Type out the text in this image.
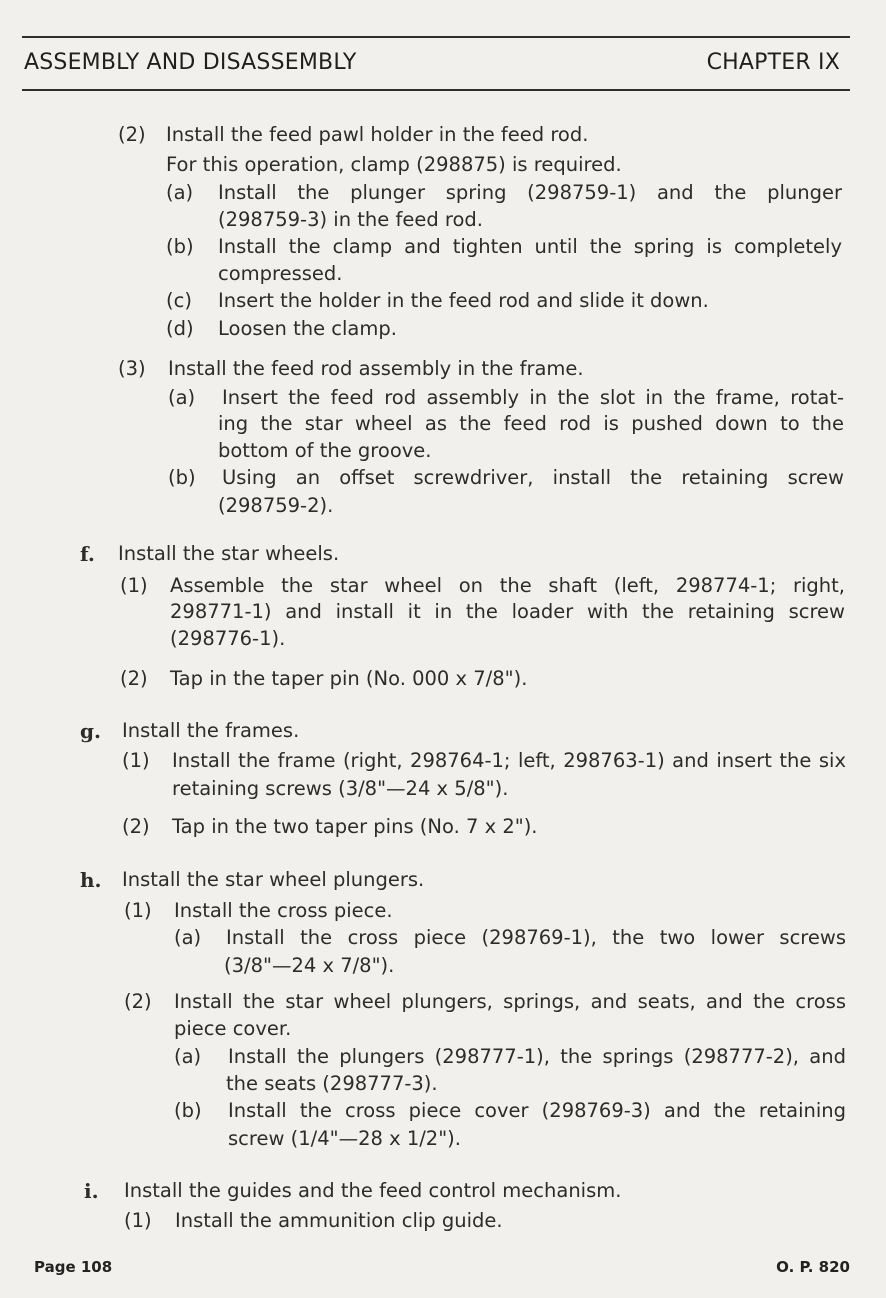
ASSEMBLY AND DISASSEMBLY	CHAPTER IX
(2) Install the feed pawl holder in the feed rod.
For this operation, clamp (298875) is required.
(a) Install the plunger spring (298759-1) and the plunger
(298759-3) in the feed rod.
(b) Install the clamp and tighten until the spring is completely
compressed.
(c) Insert the holder in the feed rod and slide it down.
(d) Loosen the clamp.
(3) Install the feed rod assembly in the frame.
(a) Insert the feed rod assembly in the slot in the frame, rotat-
ing the star wheel as the feed rod is pushed down to the
bottom of the groove.
(b) Using an offset screwdriver, install the retaining screw
(298759-2).
f. Install the star wheels.
(1) Assemble the star wheel on the shaft (left, 298774-1; right,
298771-1) and install it in the loader with the retaining screw
(298776-1).
(2) Tap in the taper pin (No. 000 x 7/8").
g. Install the frames.
(1) Install the frame (right, 298764-1; left, 298763-1) and insert the six
retaining screws (3/8"—24 x 5/8").
(2) Tap in the two taper pins (No. 7 x 2").
h. Install the star wheel plungers.
(1) Install the cross piece.
(a) Install the cross piece (298769-1), the two lower screws
(3/8"—24 x 7/8").
(2) Install the star wheel plungers, springs, and seats, and the cross
piece cover.
(a) Install the plungers (298777-1), the springs (298777-2), and
the seats (298777-3).
(b) Install the cross piece cover (298769-3) and the retaining
screw (1/4"—28 x 1/2").
i. Install the guides and the feed control mechanism.
(1) Install the ammunition clip guide.
Page 108	O. P. 820
